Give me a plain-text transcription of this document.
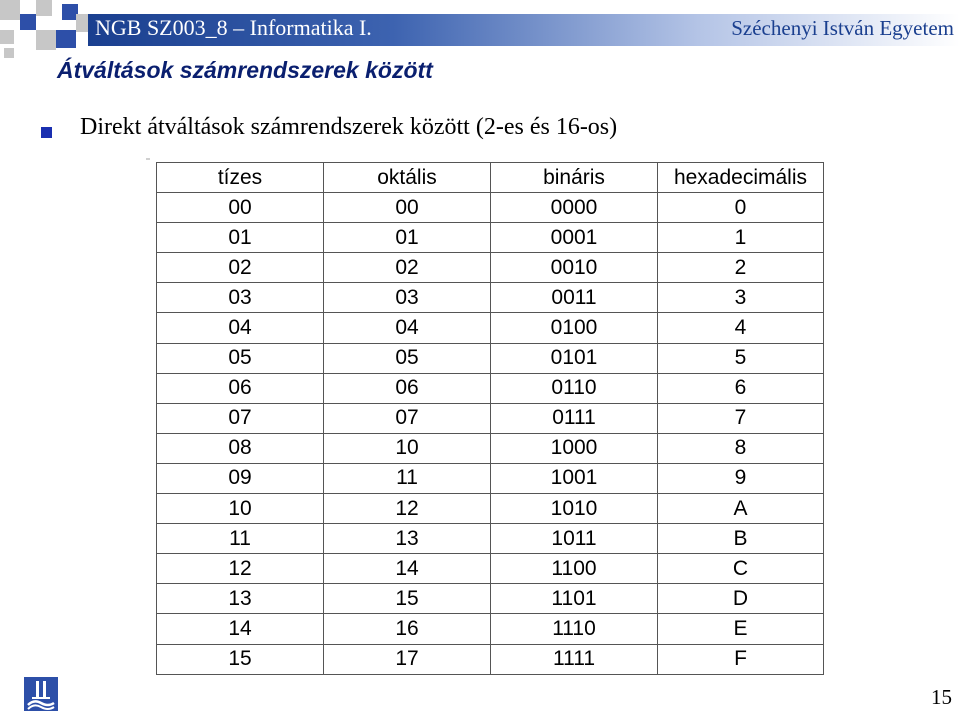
NGB SZ003_8 – Informatika I.	Széchenyi István Egyetem
Átváltások számrendszerek között
Direkt átváltások számrendszerek között (2-es és 16-os)
tízes	oktális	bináris	hexadecimális
00	00	0000	0
01	01	0001	1
02	02	0010	2
03	03	0011	3
04	04	0100	4
05	05	0101	5
06	06	0110	6
07	07	0111	7
08	10	1000	8
09	11	1001	9
10	12	1010	A
11	13	1011	B
12	14	1100	C
13	15	1101	D
14	16	1110	E
15	17	1111	F
15
